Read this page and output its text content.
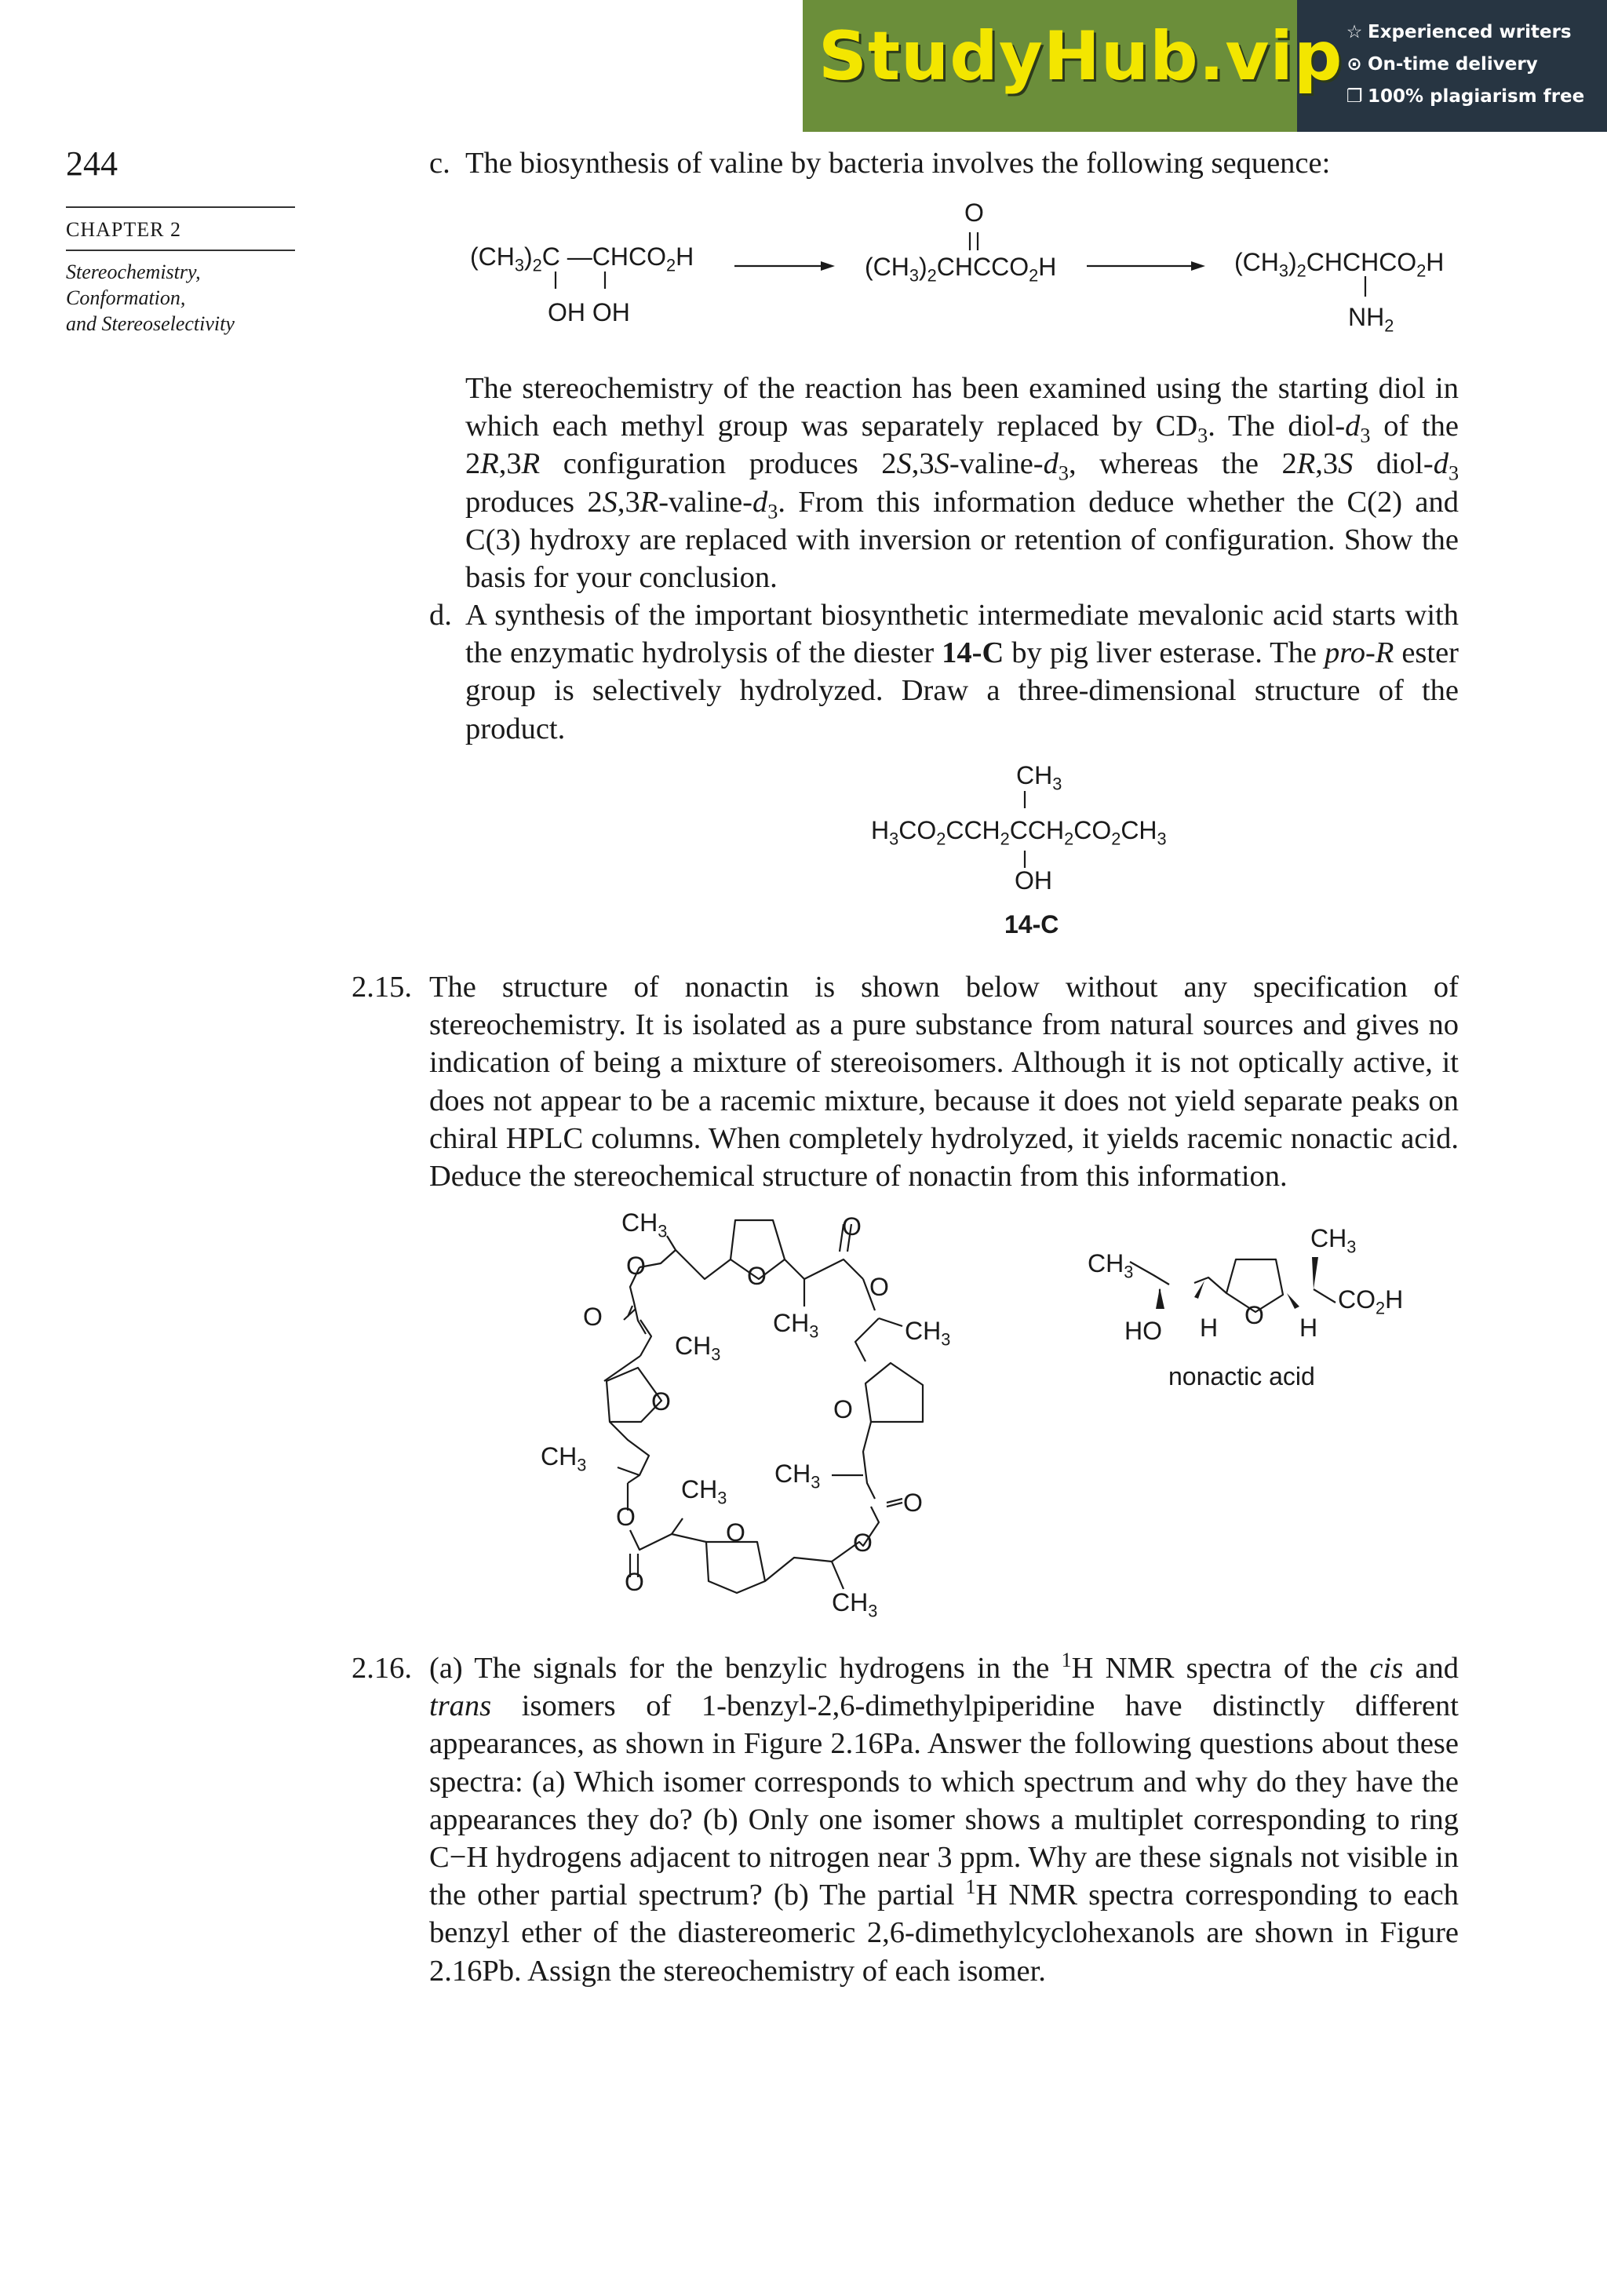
StudyHub.vip ☆ Experienced writers
⊙ On-time delivery
❐ 100% plagiarism free
244
CHAPTER 2
Stereochemistry,
Conformation,
and Stereoselectivity
c. The biosynthesis of valine by bacteria involves the following sequence:
$(CH_3)_2C$ $—CHCO_2H$
OH OH
O
$(CH_3)_2CHCCO_2H$	$(CH_3)_2CHCHCO_2H$
$NH_2$
The stereochemistry of the reaction has been examined using the starting diol in which each methyl group was separately replaced by $CD_3$. The diol-$d_3$ of the 2R,3R configuration produces $2S,3S-valine-d_3$, whereas the 2R,3S diol-$d_3$ produces $2S,3R-valine-d_3$. From this information deduce whether the C(2) and C(3) hydroxy are replaced with inversion or retention of configuration. Show the basis for your conclusion.
d. A synthesis of the important biosynthetic intermediate mevalonic acid starts with the enzymatic hydrolysis of the diester 14-C by pig liver esterase. The pro-R ester group is selectively hydrolyzed. Draw a three-dimensional structure of the product.
$CH_3$
$H_3CO_2CCH_2CCH_2CO_2CH_3$
OH
14-C
2.15. The structure of nonactin is shown below without any specification of stereochemistry. It is isolated as a pure substance from natural sources and gives no indication of being a mixture of stereoisomers. Although it is not optically active, it does not appear to be a racemic mixture, because it does not yield separate peaks on chiral HPLC columns. When completely hydrolyzed, it yields racemic nonactic acid. Deduce the stereochemical structure of nonactin from this information.
$CH_3$
O
O
O
O
O	$CH_3$
$CH_3$
$CH_3$
O	O
$CH_3$	$CH_3$
$CH_3$	O
O
O	O
O
$CH_3$
$CH_3$
$CH_3$
$CO_2H$
O
HO H	H
nonactic acid
2.16. (a) The signals for the benzylic hydrogens in the $^1$H NMR spectra of the cis and trans isomers of 1-benzyl-2,6-dimethylpiperidine have distinctly different appearances, as shown in Figure 2.16Pa. Answer the following questions about these spectra: (a) Which isomer corresponds to which spectrum and why do they have the appearances they do? (b) Only one isomer shows a multiplet corresponding to ring C−H hydrogens adjacent to nitrogen near 3 ppm. Why are these signals not visible in the other partial spectrum? (b) The partial $^1$H NMR spectra corresponding to each benzyl ether of the diastereomeric 2,6-dimethylcyclohexanols are shown in Figure 2.16Pb. Assign the stereochemistry of each isomer.
